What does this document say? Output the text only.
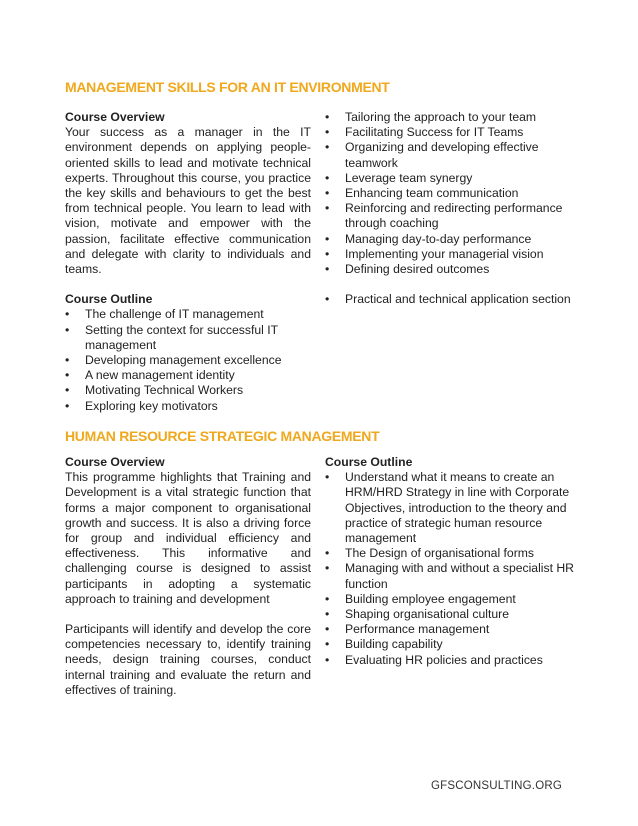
MANAGEMENT SKILLS FOR AN IT ENVIRONMENT

Course Overview

Your success as a manager in the IT environment depends on applying people-oriented skills to lead and motivate technical experts. Throughout this course, you practice the key skills and behaviours to get the best from technical people. You learn to lead with vision, motivate and empower with the passion, facilitate effective communication and delegate with clarity to individuals and teams.

Course Outline

• The challenge of IT management
• Setting the context for successful IT management
• Developing management excellence
• A new management identity
• Motivating Technical Workers
• Exploring key motivators
• Tailoring the approach to your team
• Facilitating Success for IT Teams
• Organizing and developing effective teamwork
• Leverage team synergy
• Enhancing team communication
• Reinforcing and redirecting performance through coaching
• Managing day-to-day performance
• Implementing your managerial vision
• Defining desired outcomes
• Practical and technical application section
HUMAN RESOURCE STRATEGIC MANAGEMENT

Course Overview

This programme highlights that Training and Development is a vital strategic function that forms a major component to organisational growth and success. It is also a driving force for group and individual efficiency and effectiveness. This informative and challenging course is designed to assist participants in adopting a systematic approach to training and development

Participants will identify and develop the core competencies necessary to, identify training needs, design training courses, conduct internal training and evaluate the return and effectives of training.

Course Outline

• Understand what it means to create an HRM/HRD Strategy in line with Corporate Objectives, introduction to the theory and practice of strategic human resource management
• The Design of organisational forms
• Managing with and without a specialist HR function
• Building employee engagement
• Shaping organisational culture
• Performance management
• Building capability
• Evaluating HR policies and practices
GFSCONSULTING.ORG
